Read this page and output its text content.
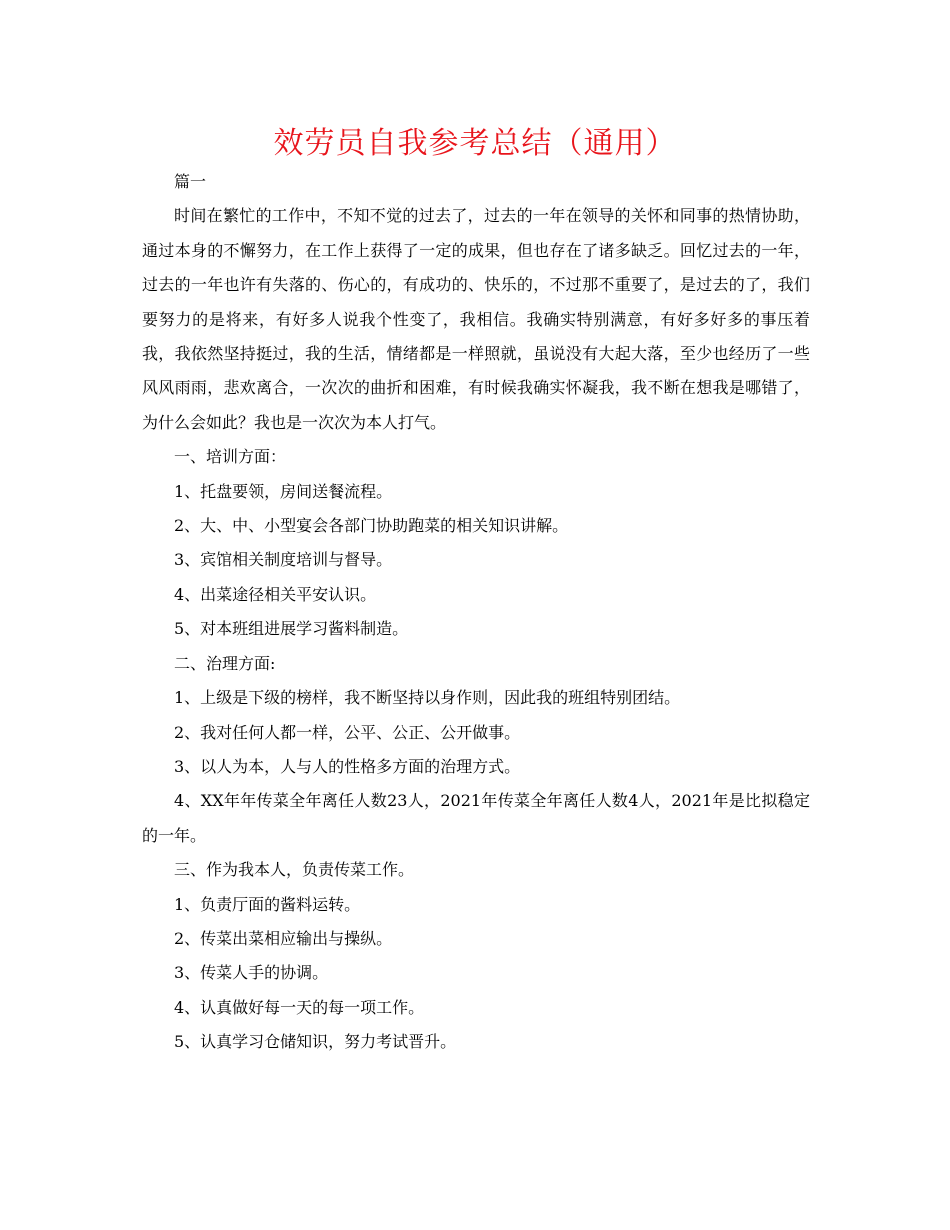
效劳员自我参考总结（通用）

篇一

时间在繁忙的工作中，不知不觉的过去了，过去的一年在领导的关怀和同事的热情协助，通过本身的不懈努力，在工作上获得了一定的成果，但也存在了诸多缺乏。回忆过去的一年，过去的一年也许有失落的、伤心的，有成功的、快乐的，不过那不重要了，是过去的了，我们要努力的是将来，有好多人说我个性变了，我相信。我确实特别满意，有好多好多的事压着我，我依然坚持挺过，我的生活，情绪都是一样照就，虽说没有大起大落，至少也经历了一些风风雨雨，悲欢离合，一次次的曲折和困难，有时候我确实怀凝我，我不断在想我是哪错了，为什么会如此？我也是一次次为本人打气。

一、培训方面：

1、托盘要领，房间送餐流程。

2、大、中、小型宴会各部门协助跑菜的相关知识讲解。

3、宾馆相关制度培训与督导。

4、出菜途径相关平安认识。

5、对本班组进展学习酱料制造。

二、治理方面:

1、上级是下级的榜样，我不断坚持以身作则，因此我的班组特别团结。

2、我对任何人都一样，公平、公正、公开做事。

3、以人为本，人与人的性格多方面的治理方式。

4、XX年年传菜全年离任人数23人，2021年传菜全年离任人数4人，2021年是比拟稳定的一年。

三、作为我本人，负责传菜工作。

1、负责厅面的酱料运转。

2、传菜出菜相应输出与操纵。

3、传菜人手的协调。

4、认真做好每一天的每一项工作。

5、认真学习仓储知识，努力考试晋升。
